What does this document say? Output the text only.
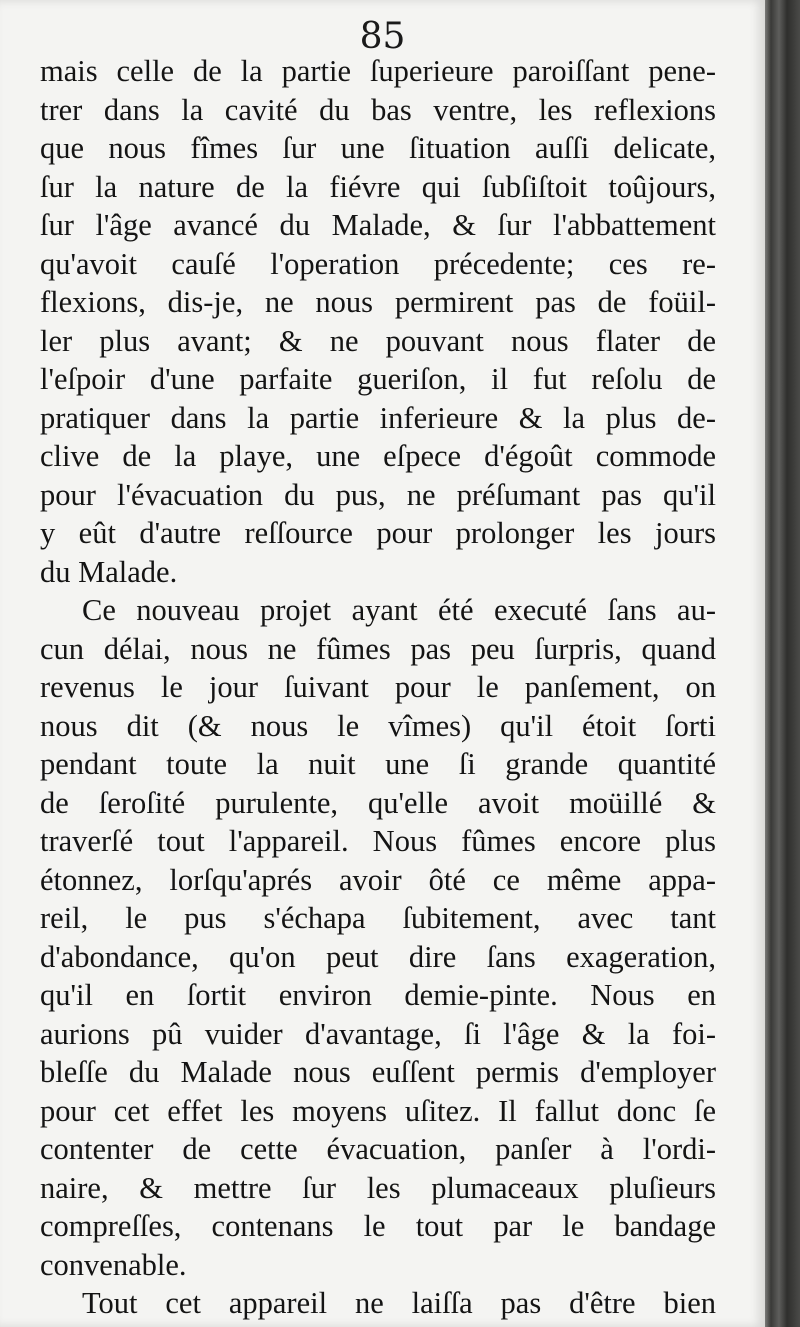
85
mais celle de la partie ſuperieure paroiſſant pene-
trer dans la cavité du bas ventre, les reflexions
que nous fîmes ſur une ſituation auſſi delicate,
ſur la nature de la fiévre qui ſubſiſtoit toûjours,
ſur l'âge avancé du Malade, & ſur l'abbattement
qu'avoit cauſé l'operation précedente; ces re-
flexions, dis-je, ne nous permirent pas de foüil-
ler plus avant; & ne pouvant nous flater de
l'eſpoir d'une parfaite gueriſon, il fut reſolu de
pratiquer dans la partie inferieure & la plus de-
clive de la playe, une eſpece d'égoût commode
pour l'évacuation du pus, ne préſumant pas qu'il
y eût d'autre reſſource pour prolonger les jours
du Malade.
Ce nouveau projet ayant été executé ſans au-
cun délai, nous ne fûmes pas peu ſurpris, quand
revenus le jour ſuivant pour le panſement, on
nous dit (& nous le vîmes) qu'il étoit ſorti
pendant toute la nuit une ſi grande quantité
de ſeroſité purulente, qu'elle avoit moüillé &
traverſé tout l'appareil. Nous fûmes encore plus
étonnez, lorſqu'aprés avoir ôté ce même appa-
reil, le pus s'échapa ſubitement, avec tant
d'abondance, qu'on peut dire ſans exageration,
qu'il en ſortit environ demie-pinte. Nous en
aurions pû vuider d'avantage, ſi l'âge & la foi-
bleſſe du Malade nous euſſent permis d'employer
pour cet effet les moyens uſitez. Il fallut donc ſe
contenter de cette évacuation, panſer à l'ordi-
naire, & mettre ſur les plumaceaux pluſieurs
compreſſes, contenans le tout par le bandage
convenable.
Tout cet appareil ne laiſſa pas d'être bien
